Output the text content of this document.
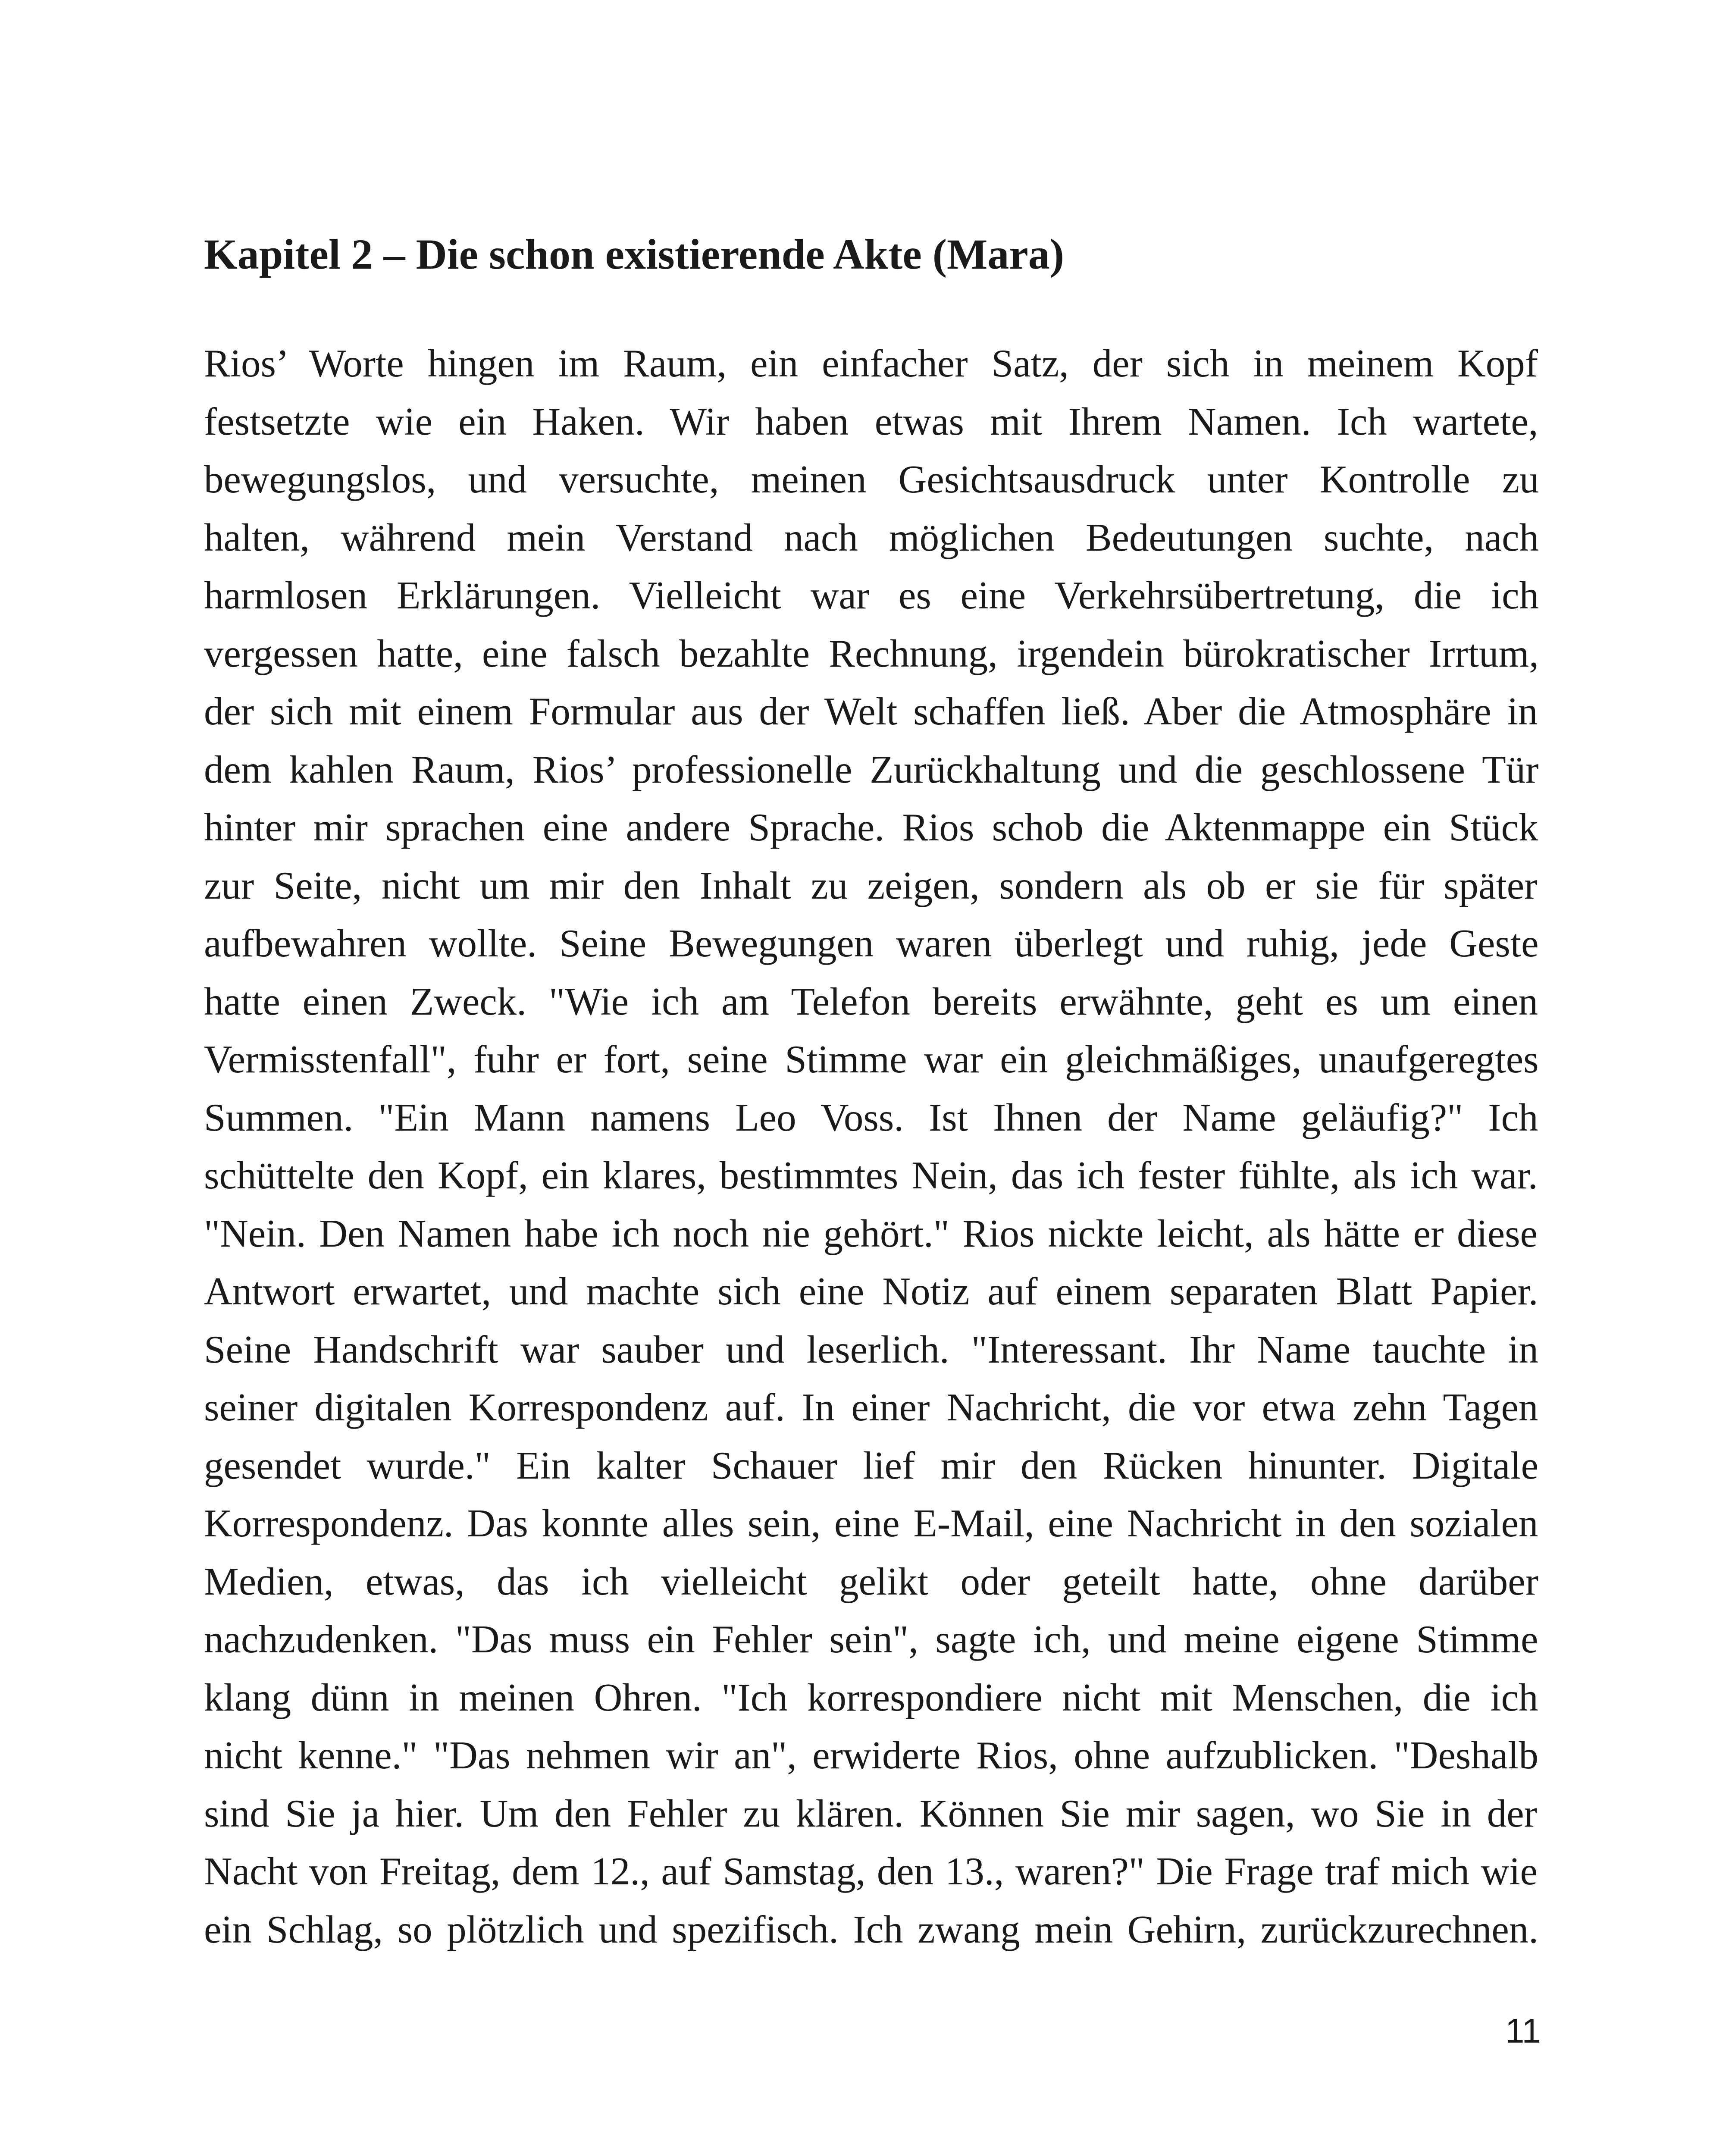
Kapitel 2 – Die schon existierende Akte (Mara)
Rios’ Worte hingen im Raum, ein einfacher Satz, der sich in meinem Kopf
festsetzte wie ein Haken. Wir haben etwas mit Ihrem Namen. Ich wartete,
bewegungslos, und versuchte, meinen Gesichtsausdruck unter Kontrolle zu
halten, während mein Verstand nach möglichen Bedeutungen suchte, nach
harmlosen Erklärungen. Vielleicht war es eine Verkehrsübertretung, die ich
vergessen hatte, eine falsch bezahlte Rechnung, irgendein bürokratischer Irrtum,
der sich mit einem Formular aus der Welt schaffen ließ. Aber die Atmosphäre in
dem kahlen Raum, Rios’ professionelle Zurückhaltung und die geschlossene Tür
hinter mir sprachen eine andere Sprache. Rios schob die Aktenmappe ein Stück
zur Seite, nicht um mir den Inhalt zu zeigen, sondern als ob er sie für später
aufbewahren wollte. Seine Bewegungen waren überlegt und ruhig, jede Geste
hatte einen Zweck. "Wie ich am Telefon bereits erwähnte, geht es um einen
Vermisstenfall", fuhr er fort, seine Stimme war ein gleichmäßiges, unaufgeregtes
Summen. "Ein Mann namens Leo Voss. Ist Ihnen der Name geläufig?" Ich
schüttelte den Kopf, ein klares, bestimmtes Nein, das ich fester fühlte, als ich war.
"Nein. Den Namen habe ich noch nie gehört." Rios nickte leicht, als hätte er diese
Antwort erwartet, und machte sich eine Notiz auf einem separaten Blatt Papier.
Seine Handschrift war sauber und leserlich. "Interessant. Ihr Name tauchte in
seiner digitalen Korrespondenz auf. In einer Nachricht, die vor etwa zehn Tagen
gesendet wurde." Ein kalter Schauer lief mir den Rücken hinunter. Digitale
Korrespondenz. Das konnte alles sein, eine E-Mail, eine Nachricht in den sozialen
Medien, etwas, das ich vielleicht gelikt oder geteilt hatte, ohne darüber
nachzudenken. "Das muss ein Fehler sein", sagte ich, und meine eigene Stimme
klang dünn in meinen Ohren. "Ich korrespondiere nicht mit Menschen, die ich
nicht kenne." "Das nehmen wir an", erwiderte Rios, ohne aufzublicken. "Deshalb
sind Sie ja hier. Um den Fehler zu klären. Können Sie mir sagen, wo Sie in der
Nacht von Freitag, dem 12., auf Samstag, den 13., waren?" Die Frage traf mich wie
ein Schlag, so plötzlich und spezifisch. Ich zwang mein Gehirn, zurückzurechnen.
11
